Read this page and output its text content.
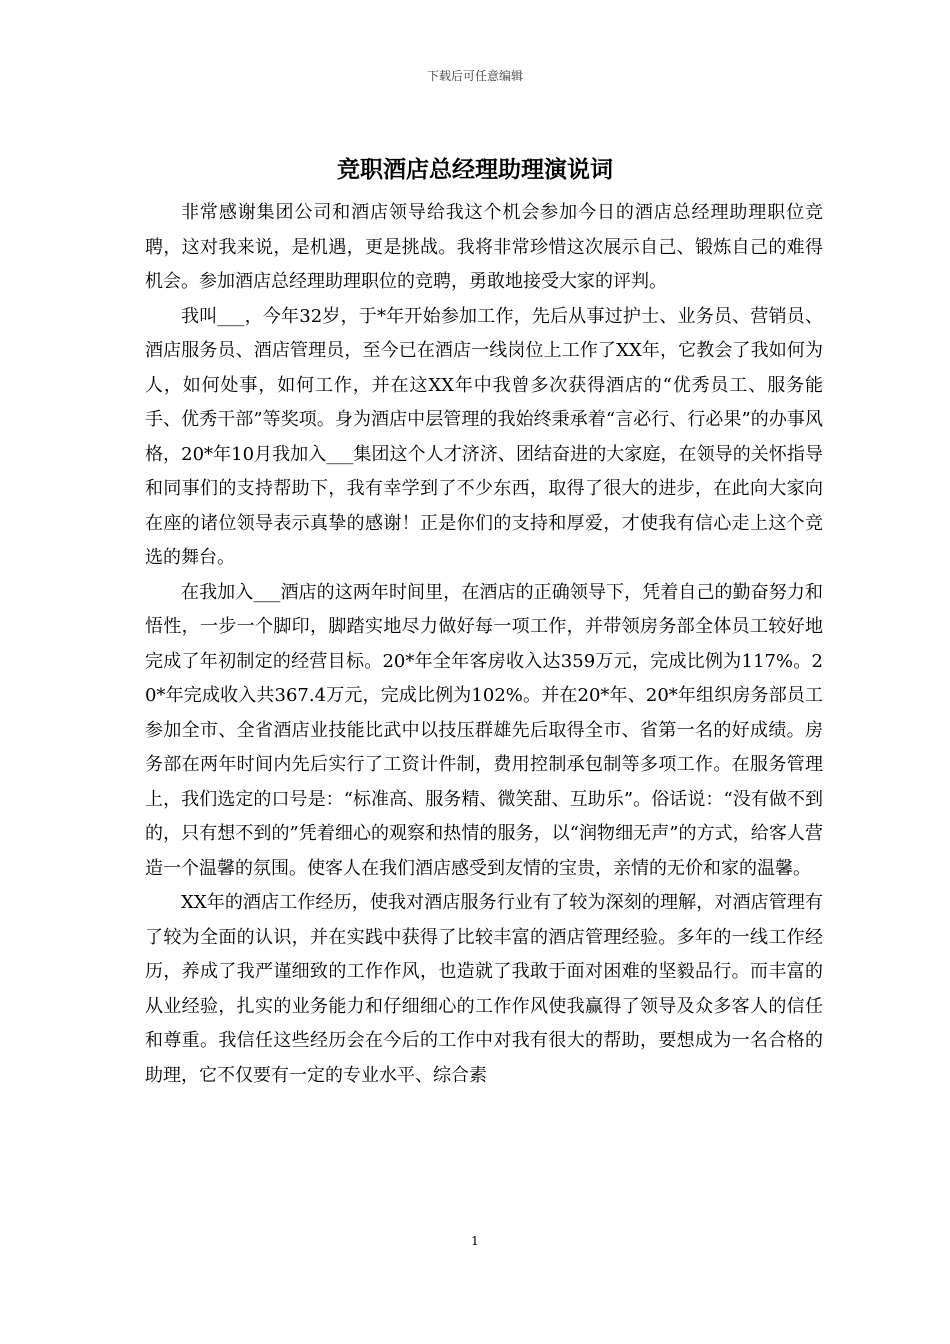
下载后可任意编辑
竞职酒店总经理助理演说词

非常感谢集团公司和酒店领导给我这个机会参加今日的酒店总经理助理职位竞聘，这对我来说，是机遇，更是挑战。我将非常珍惜这次展示自己、锻炼自己的难得机会。参加酒店总经理助理职位的竞聘，勇敢地接受大家的评判。

我叫___，今年32岁，于*年开始参加工作，先后从事过护士、业务员、营销员、酒店服务员、酒店管理员，至今已在酒店一线岗位上工作了XX年，它教会了我如何为人，如何处事，如何工作，并在这XX年中我曾多次获得酒店的“优秀员工、服务能手、优秀干部”等奖项。身为酒店中层管理的我始终秉承着“言必行、行必果”的办事风格，20*年10月我加入___集团这个人才济济、团结奋进的大家庭，在领导的关怀指导和同事们的支持帮助下，我有幸学到了不少东西，取得了很大的进步，在此向大家向在座的诸位领导表示真挚的感谢！正是你们的支持和厚爱，才使我有信心走上这个竞选的舞台。

在我加入___酒店的这两年时间里，在酒店的正确领导下，凭着自己的勤奋努力和悟性，一步一个脚印，脚踏实地尽力做好每一项工作，并带领房务部全体员工较好地完成了年初制定的经营目标。20*年全年客房收入达359万元，完成比例为117%。20*年完成收入共367.4万元，完成比例为102%。并在20*年、20*年组织房务部员工参加全市、全省酒店业技能比武中以技压群雄先后取得全市、省第一名的好成绩。房务部在两年时间内先后实行了工资计件制，费用控制承包制等多项工作。在服务管理上，我们选定的口号是：“标准高、服务精、微笑甜、互助乐”。俗话说：“没有做不到的，只有想不到的”凭着细心的观察和热情的服务，以“润物细无声”的方式，给客人营造一个温馨的氛围。使客人在我们酒店感受到友情的宝贵，亲情的无价和家的温馨。

XX年的酒店工作经历，使我对酒店服务行业有了较为深刻的理解，对酒店管理有了较为全面的认识，并在实践中获得了比较丰富的酒店管理经验。多年的一线工作经历，养成了我严谨细致的工作作风，也造就了我敢于面对困难的坚毅品行。而丰富的从业经验，扎实的业务能力和仔细细心的工作作风使我赢得了领导及众多客人的信任和尊重。我信任这些经历会在今后的工作中对我有很大的帮助，要想成为一名合格的助理，它不仅要有一定的专业水平、综合素

1
